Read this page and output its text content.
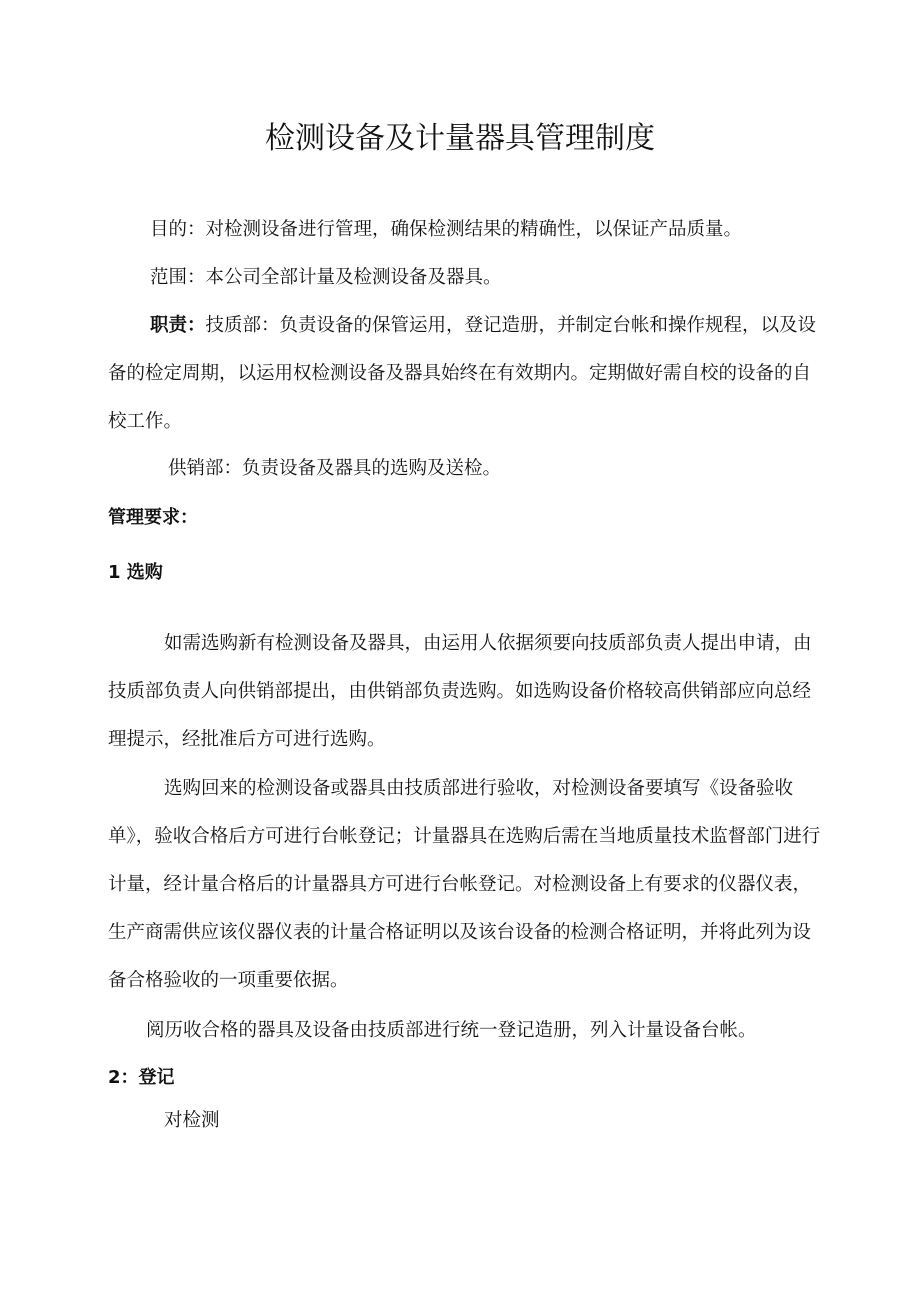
检测设备及计量器具管理制度

目的：对检测设备进行管理，确保检测结果的精确性，以保证产品质量。

范围：本公司全部计量及检测设备及器具。

职责：技质部：负责设备的保管运用，登记造册，并制定台帐和操作规程，以及设备的检定周期，以运用权检测设备及器具始终在有效期内。定期做好需自校的设备的自校工作。

供销部：负责设备及器具的选购及送检。

管理要求：
1 选购

如需选购新有检测设备及器具，由运用人依据须要向技质部负责人提出申请，由技质部负责人向供销部提出，由供销部负责选购。如选购设备价格较高供销部应向总经理提示，经批准后方可进行选购。

选购回来的检测设备或器具由技质部进行验收，对检测设备要填写《设备验收单》，验收合格后方可进行台帐登记；计量器具在选购后需在当地质量技术监督部门进行计量，经计量合格后的计量器具方可进行台帐登记。对检测设备上有要求的仪器仪表，生产商需供应该仪器仪表的计量合格证明以及该台设备的检测合格证明，并将此列为设备合格验收的一项重要依据。

阅历收合格的器具及设备由技质部进行统一登记造册，列入计量设备台帐。

2：登记

对检测
